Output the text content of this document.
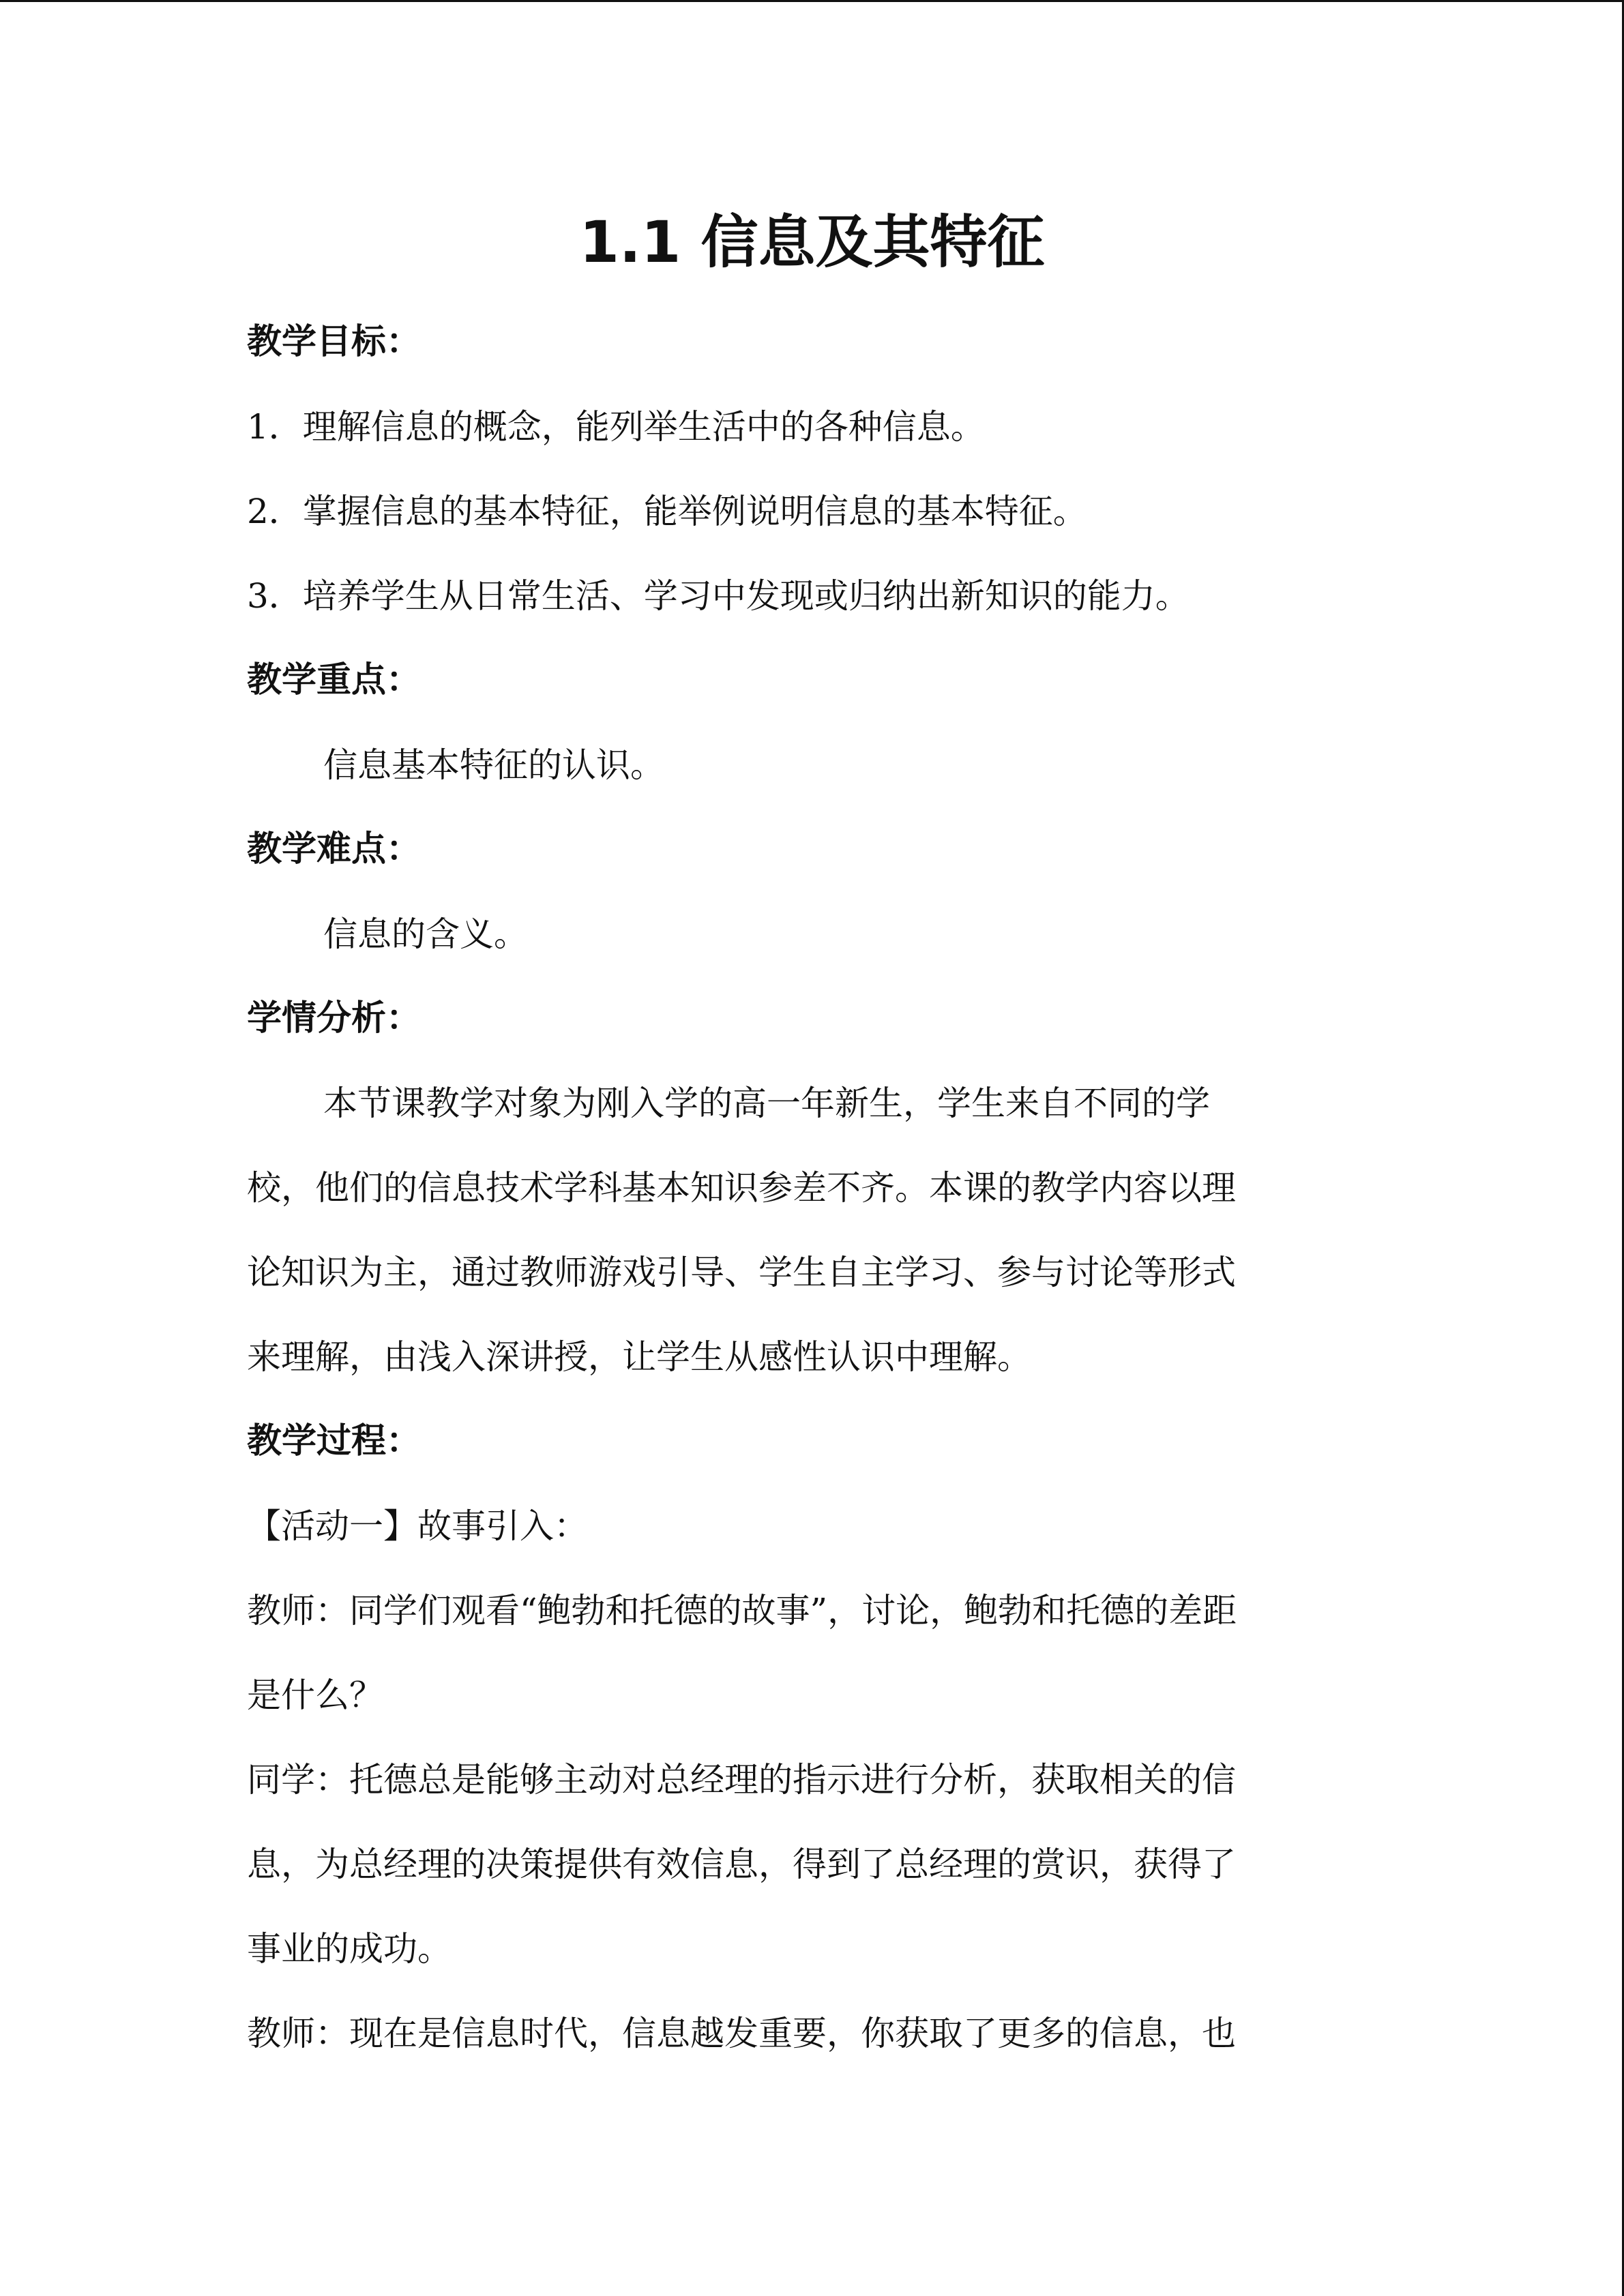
1.1 信息及其特征
教学目标：
1．理解信息的概念，能列举生活中的各种信息。
2．掌握信息的基本特征，能举例说明信息的基本特征。
3．培养学生从日常生活、学习中发现或归纳出新知识的能力。
教学重点：
信息基本特征的认识。
教学难点：
信息的含义。
学情分析：
本节课教学对象为刚入学的高一年新生，学生来自不同的学
校，他们的信息技术学科基本知识参差不齐。本课的教学内容以理
论知识为主，通过教师游戏引导、学生自主学习、参与讨论等形式
来理解，由浅入深讲授，让学生从感性认识中理解。
教学过程：
【活动一】故事引入：
教师：同学们观看“鲍勃和托德的故事”，讨论，鲍勃和托德的差距
是什么？
同学：托德总是能够主动对总经理的指示进行分析，获取相关的信
息，为总经理的决策提供有效信息，得到了总经理的赏识，获得了
事业的成功。
教师：现在是信息时代，信息越发重要，你获取了更多的信息，也
